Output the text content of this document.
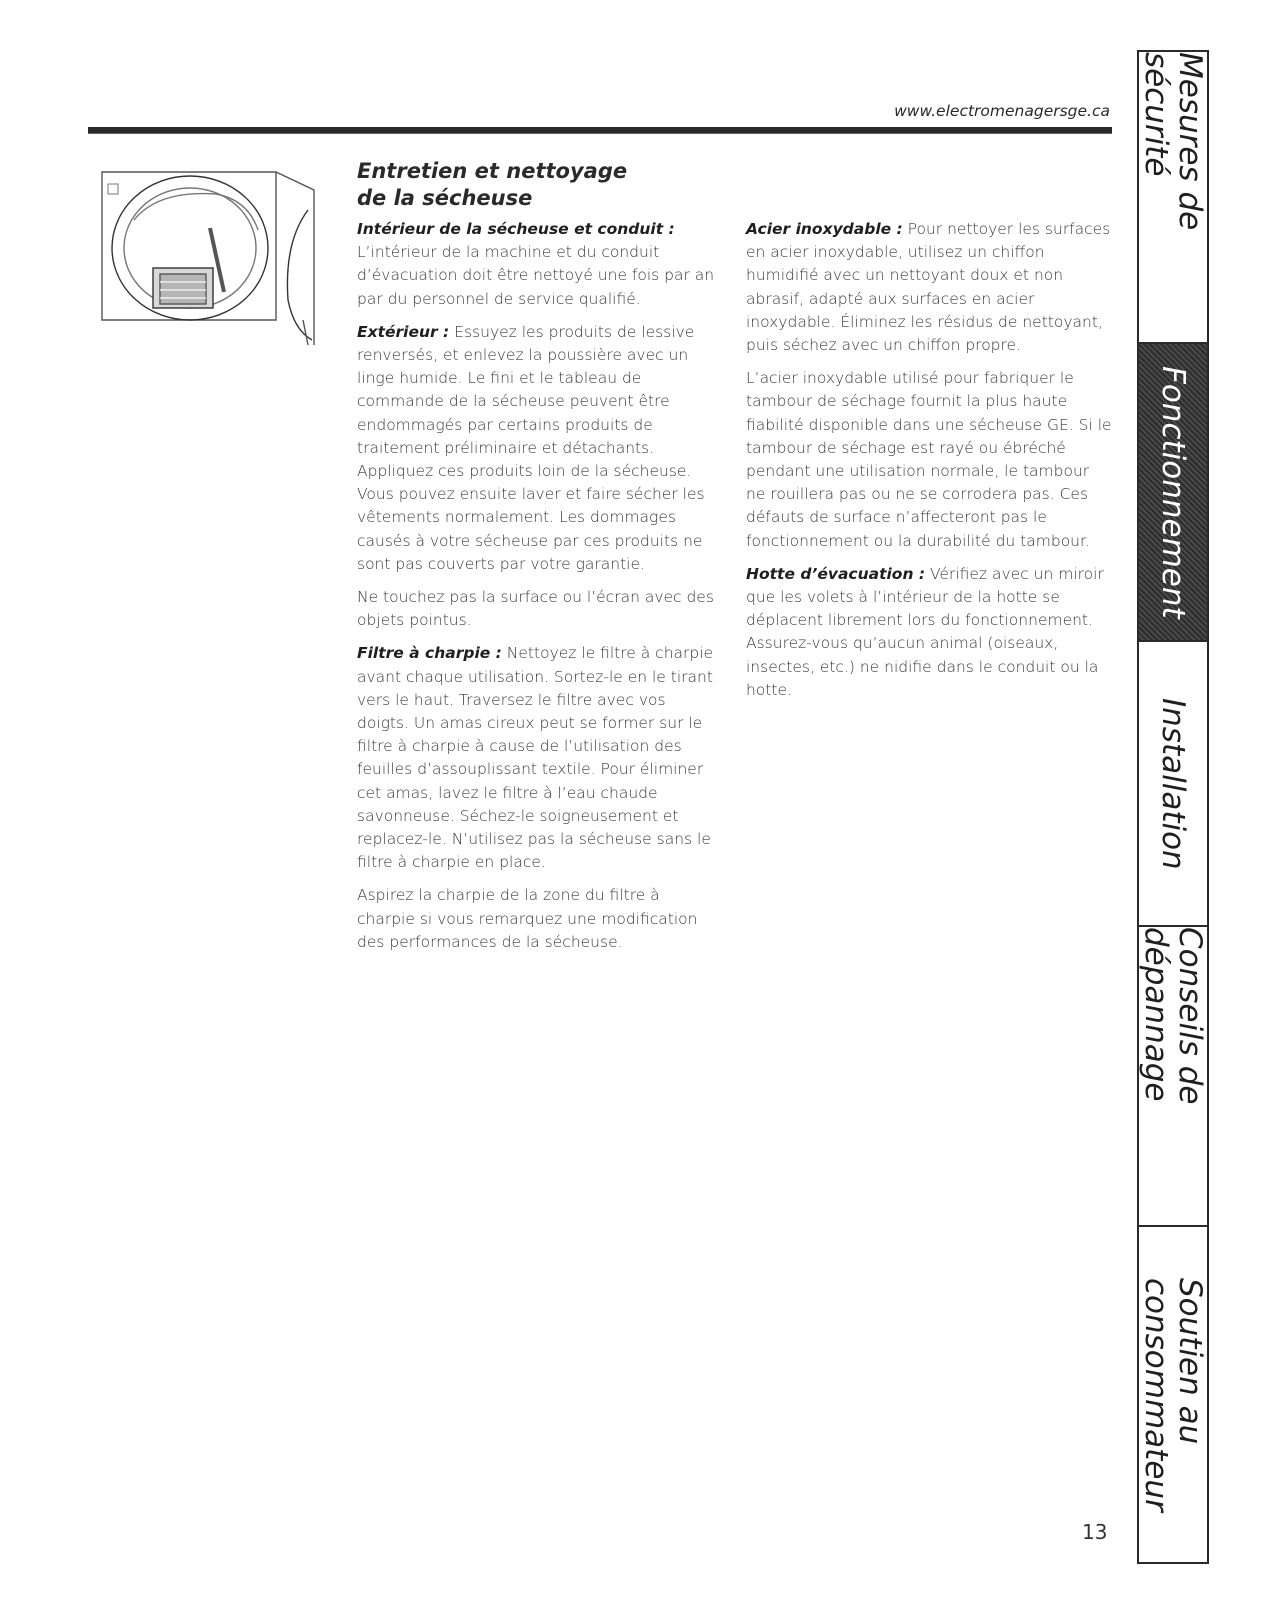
www.electromenagersge.ca
Entretien et nettoyage
de la sécheuse

Intérieur de la sécheuse et conduit : L’intérieur de la machine et du conduit d’évacuation doit être nettoyé une fois par an par du personnel de service qualifié.

Extérieur : Essuyez les produits de lessive renversés, et enlevez la poussière avec un linge humide. Le fini et le tableau de commande de la sécheuse peuvent être endommagés par certains produits de traitement préliminaire et détachants. Appliquez ces produits loin de la sécheuse. Vous pouvez ensuite laver et faire sécher les vêtements normalement. Les dommages causés à votre sécheuse par ces produits ne sont pas couverts par votre garantie.

Ne touchez pas la surface ou l’écran avec des objets pointus.

Filtre à charpie : Nettoyez le filtre à charpie avant chaque utilisation. Sortez-le en le tirant vers le haut. Traversez le filtre avec vos doigts. Un amas cireux peut se former sur le filtre à charpie à cause de l’utilisation des feuilles d’assouplissant textile. Pour éliminer cet amas, lavez le filtre à l’eau chaude savonneuse. Séchez-le soigneusement et replacez-le. N’utilisez pas la sécheuse sans le filtre à charpie en place.

Aspirez la charpie de la zone du filtre à charpie si vous remarquez une modification des performances de la sécheuse.

Acier inoxydable : Pour nettoyer les surfaces en acier inoxydable, utilisez un chiffon humidifié avec un nettoyant doux et non abrasif, adapté aux surfaces en acier inoxydable. Éliminez les résidus de nettoyant, puis séchez avec un chiffon propre.

L’acier inoxydable utilisé pour fabriquer le tambour de séchage fournit la plus haute fiabilité disponible dans une sécheuse GE. Si le tambour de séchage est rayé ou ébréché pendant une utilisation normale, le tambour ne rouillera pas ou ne se corrodera pas. Ces défauts de surface n’affecteront pas le fonctionnement ou la durabilité du tambour.

Hotte d’évacuation : Vérifiez avec un miroir que les volets à l’intérieur de la hotte se déplacent librement lors du fonctionnement. Assurez-vous qu’aucun animal (oiseaux, insectes, etc.) ne nidifie dans le conduit ou la hotte.

13
Mesures de sécurité
Fonctionnement
Installation
Conseils de dépannage
Soutien au
consommateur
